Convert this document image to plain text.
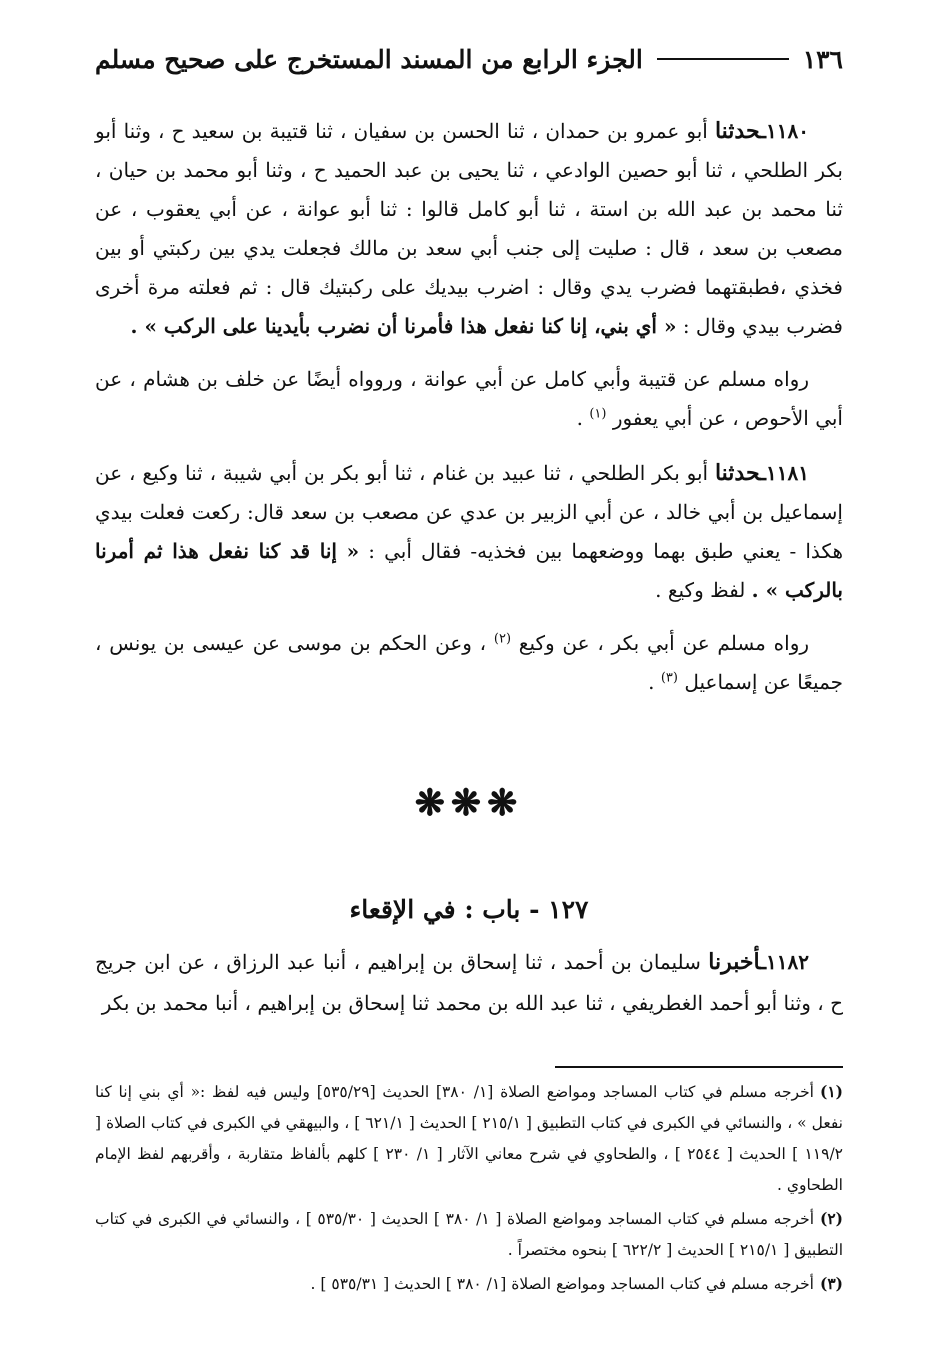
١٣٦
الجزء الرابع من المسند المستخرج على صحيح مسلم

١١٨٠ـحدثنا أبو عمرو بن حمدان ، ثنا الحسن بن سفيان ، ثنا قتيبة بن سعيد ح ، وثنا أبو بكر الطلحي ، ثنا أبو حصين الوادعي ، ثنا يحيى بن عبد الحميد ح ، وثنا أبو محمد بن حيان ، ثنا محمد بن عبد الله بن استة ، ثنا أبو كامل قالوا : ثنا أبو عوانة ، عن أبي يعقوب ، عن مصعب بن سعد ، قال : صليت إلى جنب أبي سعد بن مالك فجعلت يدي بين ركبتي أو بين فخذي ،فطبقتهما فضرب يدي وقال : اضرب بيديك على ركبتيك قال : ثم فعلته مرة أخرى فضرب بيدي وقال : « أي بني، إنا كنا نفعل هذا فأمرنا أن نضرب بأيدينا على الركب » .

رواه مسلم عن قتيبة وأبي كامل عن أبي عوانة ، وروواه أيضًا عن خلف بن هشام ، عن أبي الأحوص ، عن أبي يعفور $^{(١)}$ .

١١٨١ـحدثنا أبو بكر الطلحي ، ثنا عبيد بن غنام ، ثنا أبو بكر بن أبي شيبة ، ثنا وكيع ، عن إسماعيل بن أبي خالد ، عن أبي الزبير بن عدي عن مصعب بن سعد قال: ركعت فعلت بيدي هكذا - يعني طبق بهما ووضعهما بين فخذيه- فقال أبي : « إنا قد كنا نفعل هذا ثم أمرنا بالركب » . لفظ وكيع .

رواه مسلم عن أبي بكر ، عن وكيع $^{(٢)}$ ، وعن الحكم بن موسى عن عيسى بن يونس ، جميعًا عن إسماعيل $^{(٣)}$ .

❋❋❋
١٢٧ - باب : في الإقعاء

١١٨٢ـأخبرنا سليمان بن أحمد ، ثنا إسحاق بن إبراهيم ، أنبا عبد الرزاق ، عن ابن جريج ح ، وثنا أبو أحمد الغطريفي ، ثنا عبد الله بن محمد ثنا إسحاق بن إبراهيم ، أنبا محمد بن بكر

(١)أخرجه مسلم في كتاب المساجد ومواضع الصلاة [١/ ٣٨٠] الحديث [٥٣٥/٢٩] وليس فيه لفظ :« أي بني إنا كنا نفعل » ، والنسائي في الكبرى في كتاب التطبيق [ ٢١٥/١ ] الحديث [ ٦٢١/١ ] ، والبيهقي في الكبرى في كتاب الصلاة [ ١١٩/٢ ] الحديث [ ٢٥٤٤ ] ، والطحاوي في شرح معاني الآثار [ ١/ ٢٣٠ ] كلهم بألفاظ متقاربة ، وأقربهم لفظ الإمام الطحاوي .

(٢)أخرجه مسلم في كتاب المساجد ومواضع الصلاة [ ١/ ٣٨٠ ] الحديث [ ٥٣٥/٣٠ ] ، والنسائي في الكبرى في كتاب التطبيق [ ٢١٥/١ ] الحديث [ ٦٢٢/٢ ] بنحوه مختصراً .

(٣)أخرجه مسلم في كتاب المساجد ومواضع الصلاة [١/ ٣٨٠ ] الحديث [ ٥٣٥/٣١ ] .
